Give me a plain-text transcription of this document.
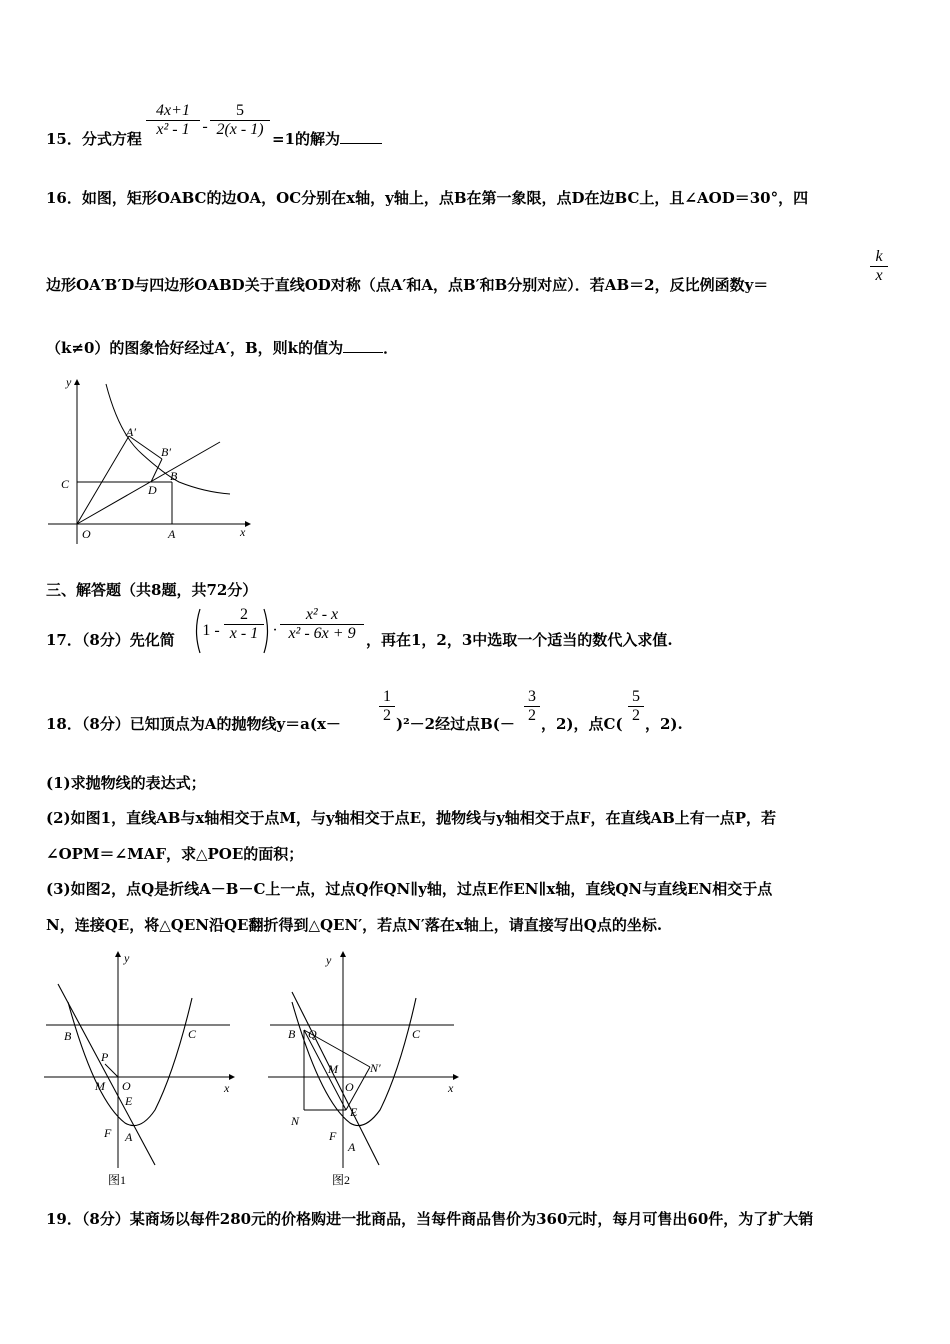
15．分式方程 $\frac{4x+1}{\text{x² - 1}} - \frac{5}{2(x - 1)} =1$的解为
16．如图，矩形OABC的边OA，OC分别在x轴，y轴上，点B在第一象限，点D在边BC上，且∠AOD＝30°，四
边形OA′B′D与四边形OABD关于直线OD对称（点A′和A，点B′和B分别对应）．若AB＝2，反比例函数y＝	$\frac{k}{x}$
（k≠0）的图象恰好经过A′，B，则k的值为	．
y
x
O	A
C	D
B
A′
B′
三、解答题（共8题，共72分）
17．（8分）先化简
$1 - \frac{2}{x - 1} \cdot \frac{\text{x² - x}}{\text{x² - 6x + 9}}$ ，再在1，2，3中选取一个适当的数代入求值.
18．（8分）已知顶点为A的抛物线$y=a(x- \frac{1}{2} )^2-2$经过点$B(- \frac{3}{2}$ ，2)，点$C( \frac{5}{2}$ ，2).
(1)求抛物线的表达式；
(2)如图1，直线AB与x轴相交于点M，与y轴相交于点E，抛物线与y轴相交于点F，在直线AB上有一点P，若
∠OPM＝∠MAF，求△POE的面积；
(3)如图2，点Q是折线A－B－C上一点，过点Q作QN∥y轴，过点E作EN∥x轴，直线QN与直线EN相交于点
N，连接QE，将△QEN沿QE翻折得到△QEN′，若点N′落在x轴上，请直接写出Q点的坐标.
B	C
y
x
P
M O
E
F A
图1
B Q	C
y
x
M	N′
O
E
N
F
A
图2
19．（8分）某商场以每件280元的价格购进一批商品，当每件商品售价为360元时，每月可售出60件，为了扩大销
